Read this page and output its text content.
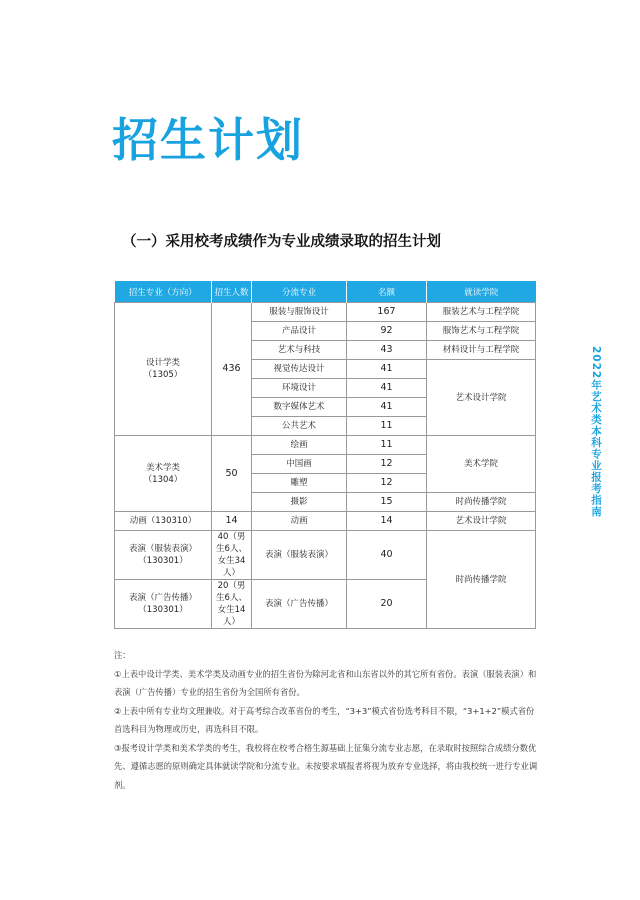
招生计划
（一）采用校考成绩作为专业成绩录取的招生计划
2022年艺术类本科专业报考指南
招生专业（方向）	招生人数	分流专业	名额	就读学院
设计学类
（1305）	436	服装与服饰设计	167	服装艺术与工程学院
		产品设计	92	服饰艺术与工程学院
		艺术与科技	43	材料设计与工程学院
		视觉传达设计	41	艺术设计学院
		环境设计	41	
		数字媒体艺术	41	
		公共艺术	11	
美术学类
（1304）	50	绘画	11	美术学院
		中国画	12	
		雕塑	12	
		摄影	15	时尚传播学院
动画（130310）	14	动画	14	艺术设计学院
表演（服装表演）
（130301）	40（男生6人、女生34人）	表演（服装表演）	40	时尚传播学院
表演（广告传播）
（130301）	20（男生6人、女生14人）	表演（广告传播）	20	

注：

①上表中设计学类、美术学类及动画专业的招生省份为除河北省和山东省以外的其它所有省份。表演（服装表演）和表演（广告传播）专业的招生省份为全国所有省份。

②上表中所有专业均文理兼收。对于高考综合改革省份的考生，“3+3”模式省份选考科目不限，“3+1+2”模式省份首选科目为物理或历史，再选科目不限。

③报考设计学类和美术学类的考生，我校将在校考合格生源基础上征集分流专业志愿，在录取时按照综合成绩分数优先、遵循志愿的原则确定具体就读学院和分流专业。未按要求填报者将视为放弃专业选择，将由我校统一进行专业调剂。
